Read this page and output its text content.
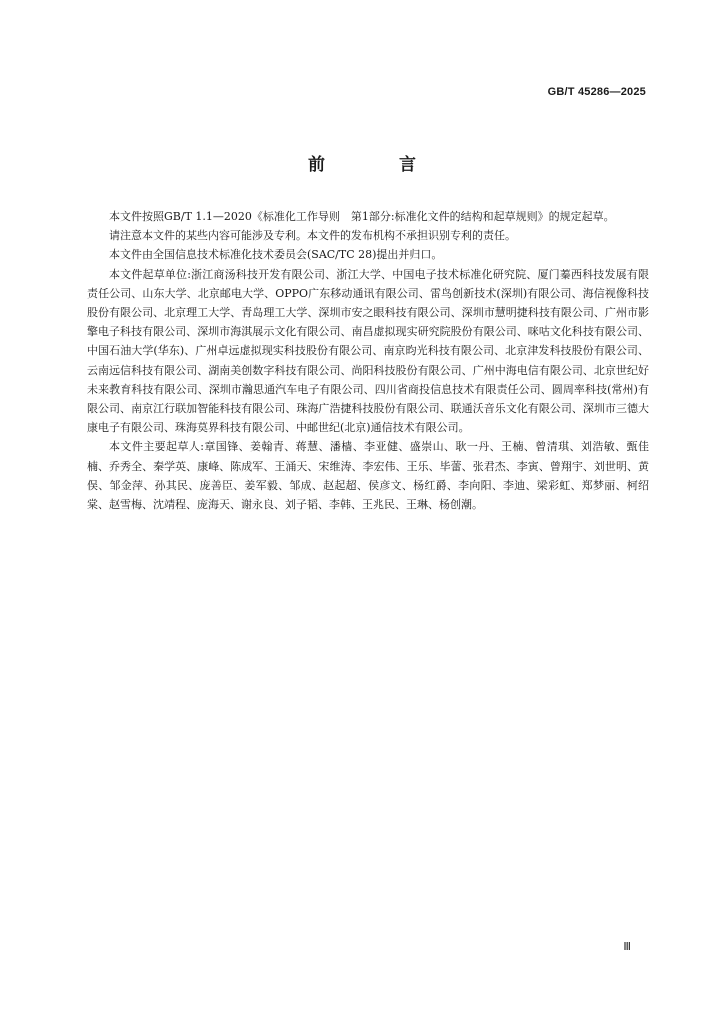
GB/T 45286—2025
前 言

本文件按照GB/T 1.1—2020《标准化工作导则　第1部分:标准化文件的结构和起草规则》的规定起草。

请注意本文件的某些内容可能涉及专利。本文件的发布机构不承担识别专利的责任。

本文件由全国信息技术标准化技术委员会(SAC/TC 28)提出并归口。

本文件起草单位:浙江商汤科技开发有限公司、浙江大学、中国电子技术标准化研究院、厦门蓁西科技发展有限责任公司、山东大学、北京邮电大学、OPPO广东移动通讯有限公司、雷鸟创新技术(深圳)有限公司、海信视像科技股份有限公司、北京理工大学、青岛理工大学、深圳市安之眼科技有限公司、深圳市慧明捷科技有限公司、广州市影擎电子科技有限公司、深圳市海淇展示文化有限公司、南昌虚拟现实研究院股份有限公司、咪咕文化科技有限公司、中国石油大学(华东)、广州卓远虚拟现实科技股份有限公司、南京昀光科技有限公司、北京津发科技股份有限公司、云南远信科技有限公司、湖南美创数字科技有限公司、尚阳科技股份有限公司、广州中海电信有限公司、北京世纪好未来教育科技有限公司、深圳市瀚思通汽车电子有限公司、四川省商投信息技术有限责任公司、圆周率科技(常州)有限公司、南京江行联加智能科技有限公司、珠海广浩捷科技股份有限公司、联通沃音乐文化有限公司、深圳市三德大康电子有限公司、珠海莫界科技有限公司、中邮世纪(北京)通信技术有限公司。

本文件主要起草人:章国锋、姜翰青、蒋慧、潘樯、李亚健、盛崇山、耿一丹、王楠、曾清琪、刘浩敏、甄佳楠、乔秀全、秦学英、康峰、陈成军、王涌天、宋维涛、李宏伟、王乐、毕蕾、张君杰、李寅、曾翔宇、刘世明、黄俣、邹金萍、孙其民、庞善臣、姜军毅、邹成、赵起超、侯彦文、杨红爵、李向阳、李迪、梁彩虹、郑梦丽、柯绍棠、赵雪梅、沈靖程、庞海天、谢永良、刘子韬、李韩、王兆民、王琳、杨创潮。

Ⅲ
